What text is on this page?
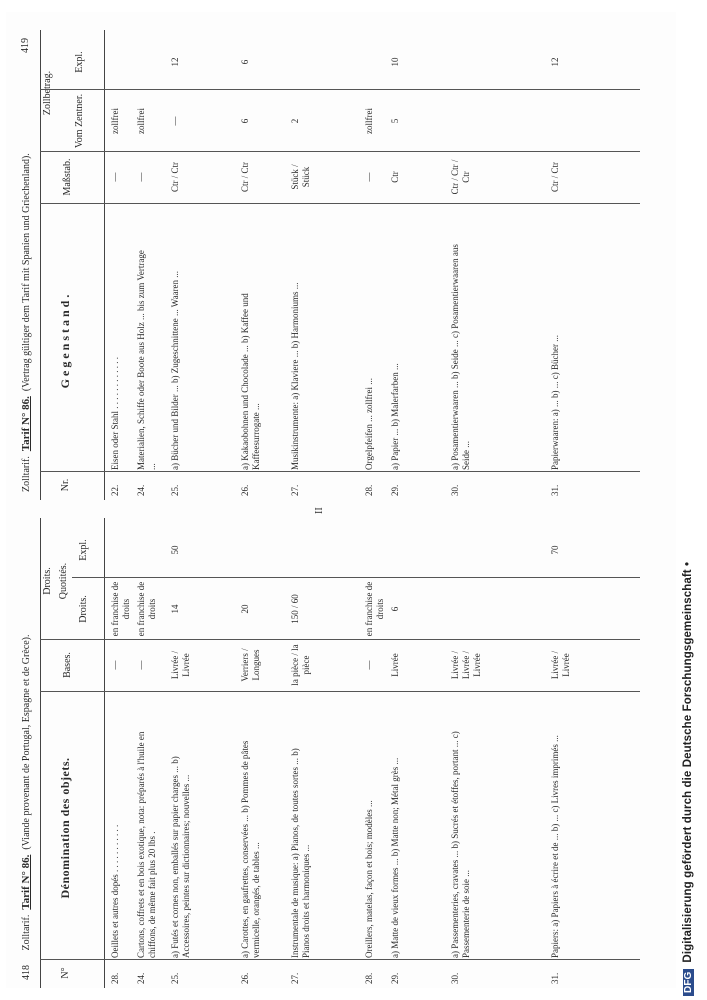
418 Zolltarif.  Tarif N° 86.  (Viande provenant de Portugal, Espagne et de Grèce).
N°
Dénomination des objets.
Bases.
Droits. Quotités.
Droits.
Expl.
28.
Oeillets et autres dopés . . . . . . . . . . .
—
en franchise de droits
24.
Cartons, coffrets et en bois exotique, nota: préparés à l'huile en chiffons, de même fait plus 20 lbs .
—
en franchise de droits
25.
a) Futés et cornes non, emballés sur papier charges ... b) Accessoires, peintes sur dictionnaires; nouvelles ...
Livrée / Livrée
14
50
26.
a) Carottes, en gaufrettes, conservées ... b) Pommes de pâtes vermicelle, orangés, de tables ...
Verriers / Longues
20
27.
Instrumentale de musique: a) Pianos, de toutes sortes ... b) Pianos droits et harmoniques ...
la pièce / la pièce
150 / 60
28.
Oreillers, matelas, façon et bois; modèles ...
—
en franchise de droits
29.
a) Matte de vieux formes ... b) Matte non; Métal grès ...
Livrée
6
30.
a) Passementeries, cravates ... b) Sucrés et étoffes, portant ... c) Passementerie de soie ...
Livrée / Livrée / Livrée
31.
Papiers: a) Papiers à écrire et de ... b) ... c) Livres imprimés ...
Livrée / Livrée
70
II
Zolltarif.  Tarif N° 86.  (Vertrag gültiger dem Tarif mit Spanien und Griechenland).
419
Nr.
Gegenstand.
Maßstab.
Zollbetrag.
Vom Zentner.
Expl.
22.
Eisen oder Stahl . . . . . . . . . . . .
—
zollfrei
24.
Materialien, Schiffe oder Boote aus Holz ... bis zum Vertrage ...
—
zollfrei
25.
a) Bücher und Bilder ... b) Zugeschnittene ... Waaren ...
Ctr / Ctr
—
12
26.
a) Kakaobohnen und Chocolade ... b) Kaffee und Kaffeesurrogate ...
Ctr / Ctr
6
6
27.
Musikinstrumente: a) Klaviere ... b) Harmoniums ...
Stück / Stück
2
28.
Orgelpfeifen ... zollfrei ...
—
zollfrei
29.
a) Papier ... b) Malerfarben ...
Ctr
5
10
30.
a) Posamentierwaaren ... b) Seide ... c) Posamentierwaaren aus Seide ...
Ctr / Ctr / Ctr
31.
Papierwaaren: a) ... b) ... c) Bücher ...
Ctr / Ctr
12
DFGDigitalisierung gefördert durch die Deutsche Forschungsgemeinschaft •
